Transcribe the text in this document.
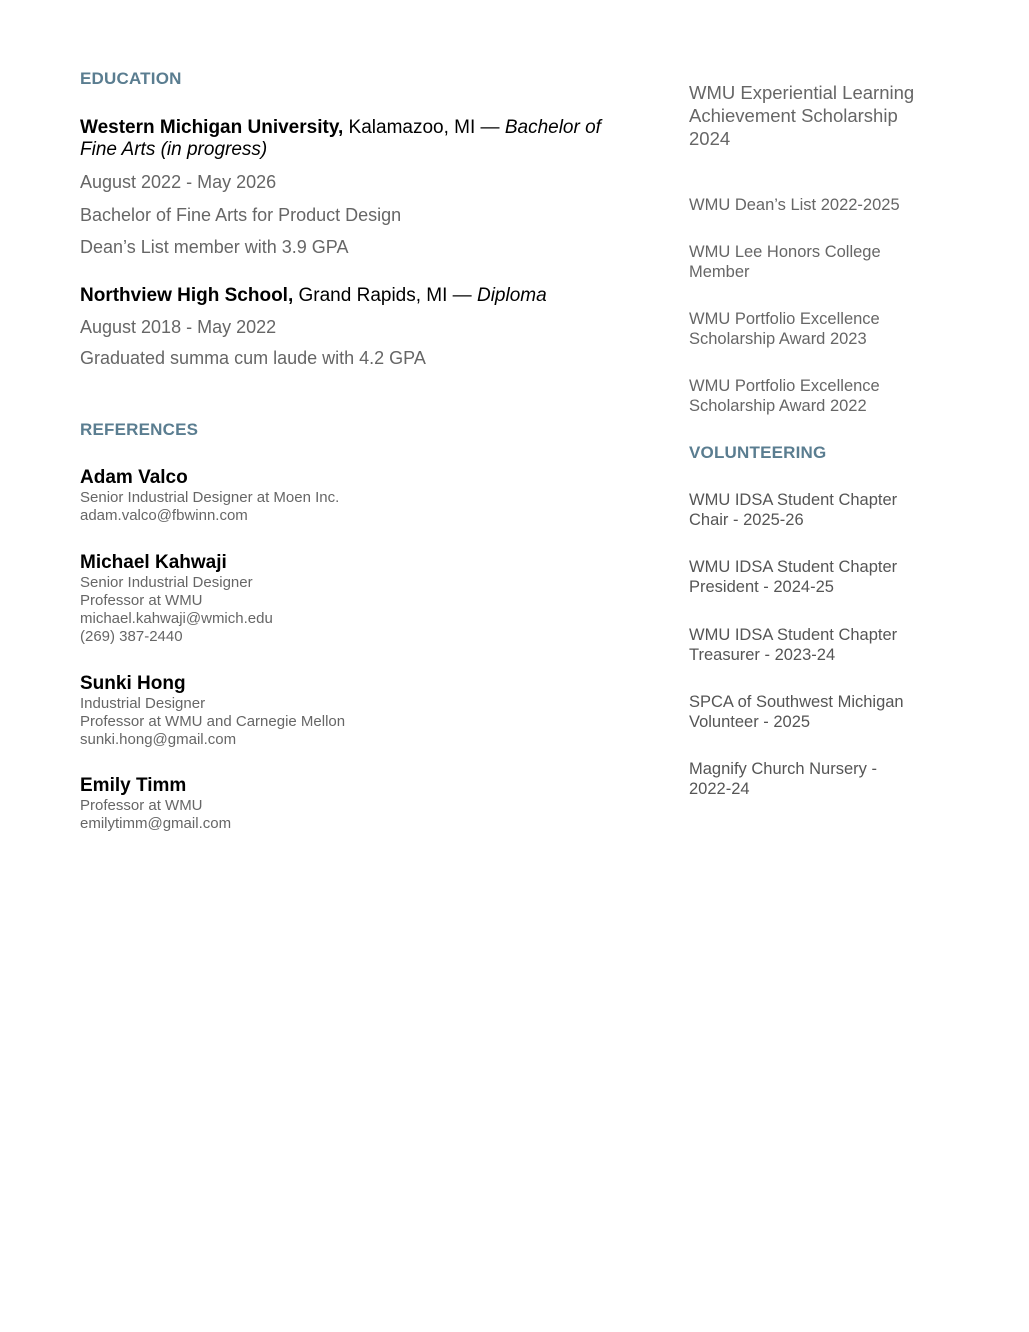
EDUCATION

Western Michigan University, Kalamazoo, MI — Bachelor of Fine Arts (in progress)

August 2022 - May 2026

Bachelor of Fine Arts for Product Design

Dean’s List member with 3.9 GPA

Northview High School, Grand Rapids, MI — Diploma

August 2018 - May 2022

Graduated summa cum laude with 4.2 GPA

REFERENCES

Adam Valco

Senior Industrial Designer at Moen Inc.

adam.valco@fbwinn.com

Michael Kahwaji

Senior Industrial Designer

Professor at WMU

michael.kahwaji@wmich.edu

(269) 387-2440

Sunki Hong

Industrial Designer

Professor at WMU and Carnegie Mellon

sunki.hong@gmail.com

Emily Timm

Professor at WMU

emilytimm@gmail.com

WMU Experiential Learning Achievement Scholarship 2024

WMU Dean’s List 2022-2025

WMU Lee Honors College Member

WMU Portfolio Excellence Scholarship Award 2023

WMU Portfolio Excellence Scholarship Award 2022

VOLUNTEERING

WMU IDSA Student Chapter Chair - 2025-26

WMU IDSA Student Chapter President - 2024-25

WMU IDSA Student Chapter Treasurer - 2023-24

SPCA of Southwest Michigan Volunteer - 2025

Magnify Church Nursery - 2022-24
